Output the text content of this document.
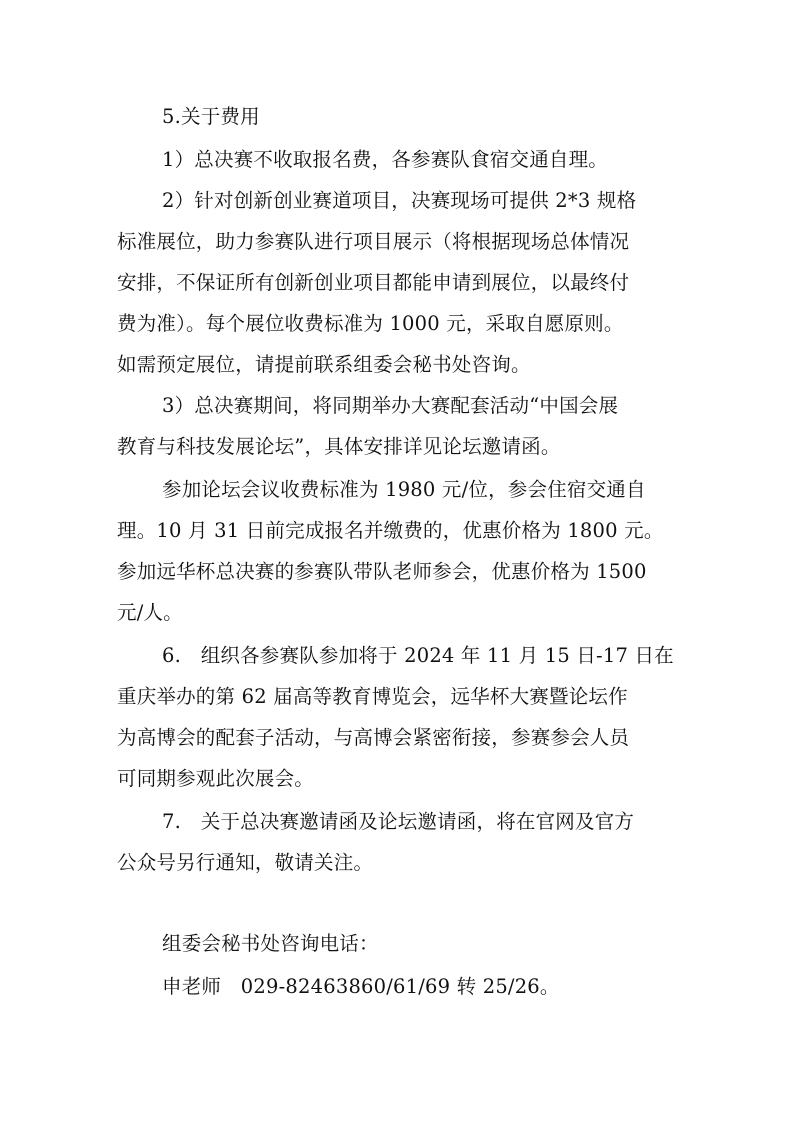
5.关于费用
1）总决赛不收取报名费，各参赛队食宿交通自理。
2）针对创新创业赛道项目，决赛现场可提供 2*3 规格
标准展位，助力参赛队进行项目展示（将根据现场总体情况
安排，不保证所有创新创业项目都能申请到展位，以最终付
费为准）。每个展位收费标准为 1000 元，采取自愿原则。
如需预定展位，请提前联系组委会秘书处咨询。
3）总决赛期间，将同期举办大赛配套活动“中国会展
教育与科技发展论坛”，具体安排详见论坛邀请函。
参加论坛会议收费标准为 1980 元/位，参会住宿交通自
理。10 月 31 日前完成报名并缴费的，优惠价格为 1800 元。
参加远华杯总决赛的参赛队带队老师参会，优惠价格为 1500
元/人。
6.　组织各参赛队参加将于 2024 年 11 月 15 日-17 日在
重庆举办的第 62 届高等教育博览会，远华杯大赛暨论坛作
为高博会的配套子活动，与高博会紧密衔接，参赛参会人员
可同期参观此次展会。
7.　关于总决赛邀请函及论坛邀请函，将在官网及官方
公众号另行通知，敬请关注。
组委会秘书处咨询电话：
申老师　029-82463860/61/69 转 25/26。
